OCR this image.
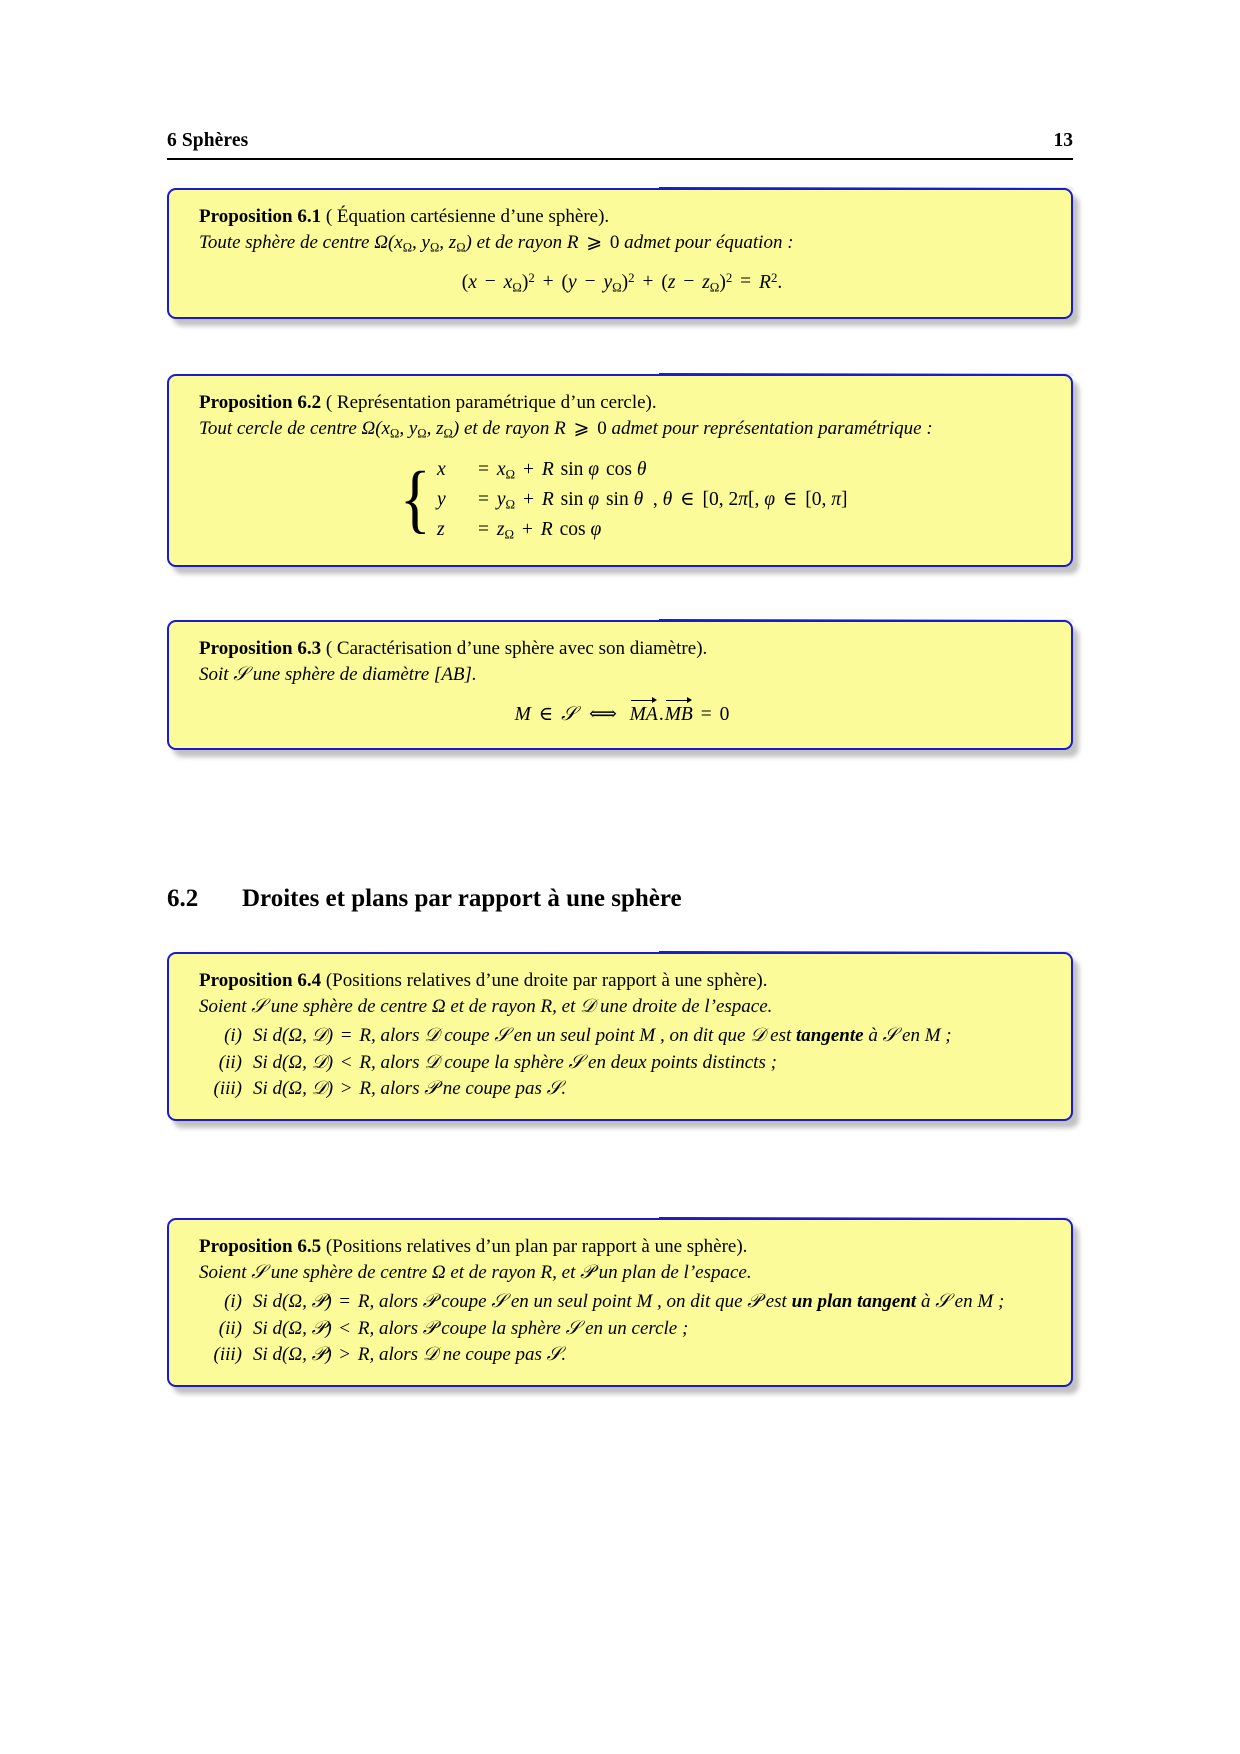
6 Sphères	13

Proposition 6.1 ( Équation cartésienne d’une sphère).

Toute sphère de centre $\Omega(x_\Omega$, $y_\Omega$, $z_\Omega$) et de rayon R ⩾ 0 admet pour équation :

$(x - x_\Omega)^2 + (y - y_\Omega)^2 + (z - z_\Omega)^2 = R^2$.

Proposition 6.2 ( Représentation paramétrique d’un cercle).

Tout cercle de centre $\Omega(x_\Omega$, $y_\Omega$, $z_\Omega$) et de rayon R ⩾ 0 admet pour représentation paramétrique :

{ x	= $x_\Omega + R$ sin φ cos θ
y	= $y_\Omega + R$ sin φ sin θ  , θ ∈ [0, 2π[, φ ∈ [0, π]
z	= $z_\Omega + R$ cos φ

Proposition 6.3 ( Caractérisation d’une sphère avec son diamètre).

Soit 𝒮 une sphère de diamètre [AB].

M ∈ 𝒮 ⟺ MA.MB = 0
6.2 Droites et plans par rapport à une sphère

Proposition 6.4 (Positions relatives d’une droite par rapport à une sphère).

Soient 𝒮 une sphère de centre Ω et de rayon R, et 𝒟 une droite de l’espace.

(i) Si d(Ω, 𝒟) = R, alors 𝒟 coupe 𝒮 en un seul point M , on dit que 𝒟 est tangente à 𝒮 en M ;
(ii) Si d(Ω, 𝒟) < R, alors 𝒟 coupe la sphère 𝒮 en deux points distincts ;
(iii) Si d(Ω, 𝒟) > R, alors 𝒫 ne coupe pas 𝒮.

Proposition 6.5 (Positions relatives d’un plan par rapport à une sphère).

Soient 𝒮 une sphère de centre Ω et de rayon R, et 𝒫 un plan de l’espace.

(i) Si d(Ω, 𝒫) = R, alors 𝒫 coupe 𝒮 en un seul point M , on dit que 𝒫 est un plan tangent à 𝒮 en M ;
(ii) Si d(Ω, 𝒫) < R, alors 𝒫 coupe la sphère 𝒮 en un cercle ;
(iii) Si d(Ω, 𝒫) > R, alors 𝒟 ne coupe pas 𝒮.
